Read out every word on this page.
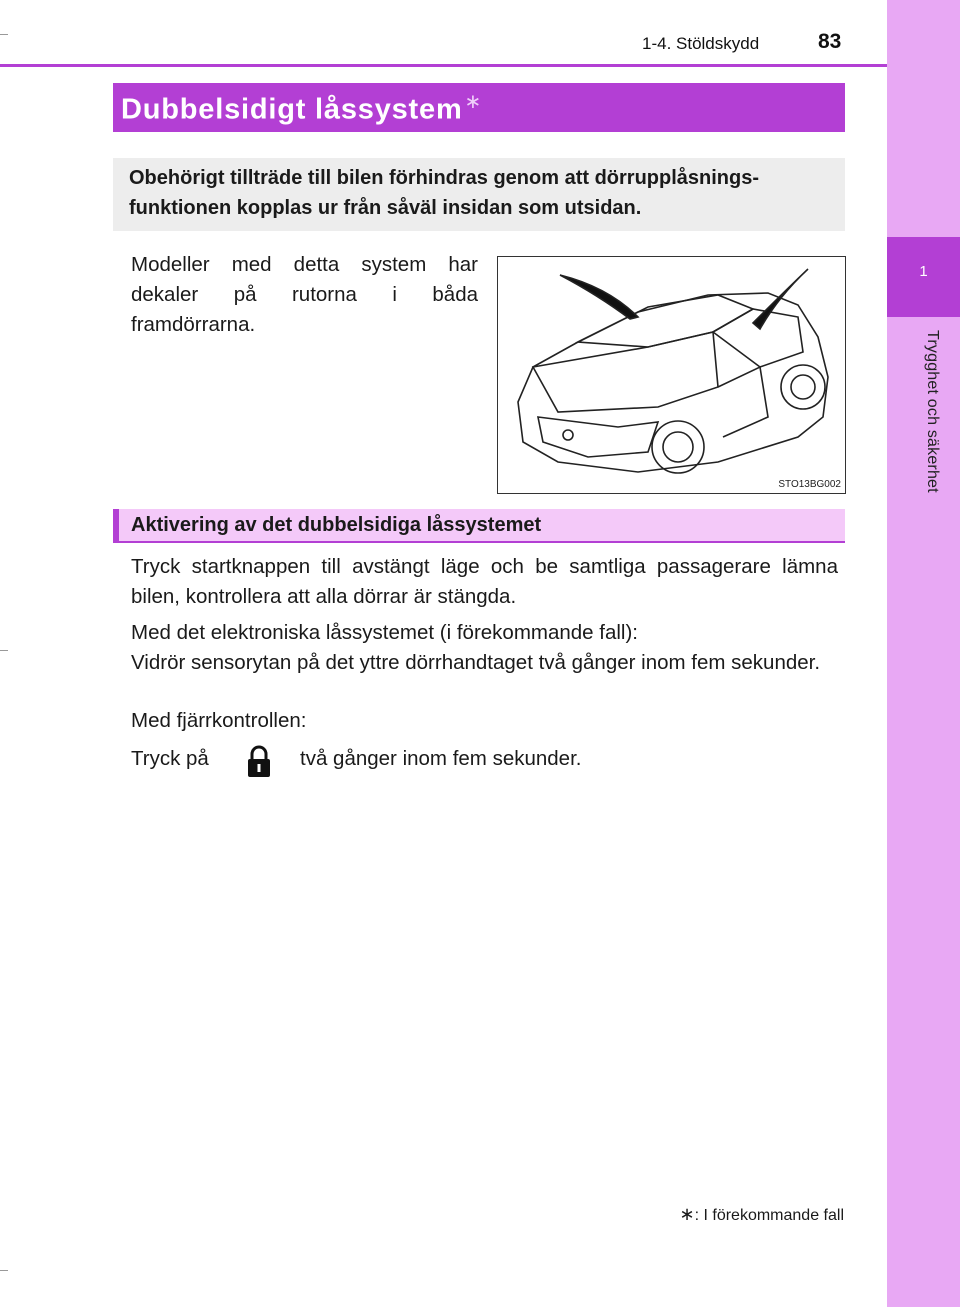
1
Trygghet och säkerhet
1-4. Stöldskydd	83
Dubbelsidigt låssystem ∗
Obehörigt tillträde till bilen förhindras genom att dörrupplåsnings-funktionen kopplas ur från såväl insidan som utsidan.
Modeller med detta system har dekaler på rutorna i båda framdörrarna.
STO13BG002
Aktivering av det dubbelsidiga låssystemet
Tryck startknappen till avstängt läge och be samtliga passagerare lämna bilen, kontrollera att alla dörrar är stängda.
Med det elektroniska låssystemet (i förekommande fall):
Vidrör sensorytan på det yttre dörrhandtaget två gånger inom fem sekunder.
Med fjärrkontrollen:
Tryck på	två gånger inom fem sekunder.
∗: I förekommande fall
